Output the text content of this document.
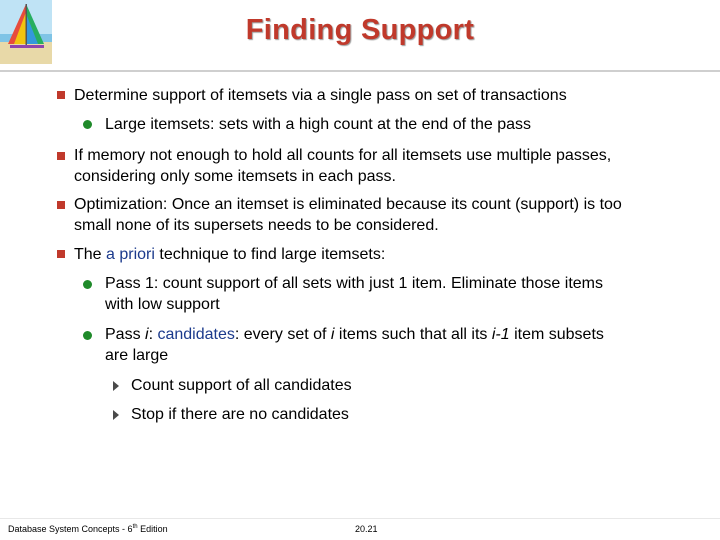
Finding Support
Determine support of itemsets via a single pass on set of transactions
Large itemsets: sets with a high count at the end of the pass
If memory not enough to hold all counts for all itemsets use multiple passes,
considering only some itemsets in each pass.
Optimization: Once an itemset is eliminated because its count (support) is too
small none of its supersets needs to be considered.
The a priori technique to find large itemsets:
Pass 1: count support of all sets with just 1 item. Eliminate those items
with low support
Pass i: candidates: every set of i items such that all its i-1 item subsets
are large
Count support of all candidates
Stop if there are no candidates
Database System Concepts - 6th Edition	20.21
